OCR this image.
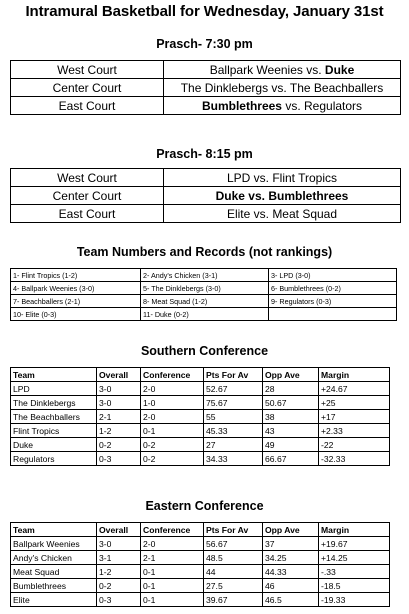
Intramural Basketball for Wednesday, January 31st
Prasch- 7:30 pm
West Court	Ballpark Weenies vs. Duke
Center Court	The Dinklebergs vs. The Beachballers
East Court	Bumblethrees vs. Regulators
Prasch- 8:15 pm
West Court	LPD vs. Flint Tropics
Center Court	Duke vs. Bumblethrees
East Court	Elite vs. Meat Squad
Team Numbers and Records (not rankings)
1- Flint Tropics (1-2)	2- Andy's Chicken (3-1)	3- LPD (3-0)
4- Ballpark Weenies (3-0)	5- The Dinklebergs (3-0)	6- Bumblethrees (0-2)
7- Beachballers (2-1)	8- Meat Squad (1-2)	9- Regulators (0-3)
10- Elite (0-3)	11- Duke (0-2)	
Southern Conference
Team	Overall	Conference	Pts For Av	Opp Ave	Margin
LPD	3-0	2-0	52.67	28	+24.67
The Dinklebergs	3-0	1-0	75.67	50.67	+25
The Beachballers	2-1	2-0	55	38	+17
Flint Tropics	1-2	0-1	45.33	43	+2.33
Duke	0-2	0-2	27	49	-22
Regulators	0-3	0-2	34.33	66.67	-32.33
Eastern Conference
Team	Overall	Conference	Pts For Av	Opp Ave	Margin
Ballpark Weenies	3-0	2-0	56.67	37	+19.67
Andy's Chicken	3-1	2-1	48.5	34.25	+14.25
Meat Squad	1-2	0-1	44	44.33	-.33
Bumblethrees	0-2	0-1	27.5	46	-18.5
Elite	0-3	0-1	39.67	46.5	-19.33
